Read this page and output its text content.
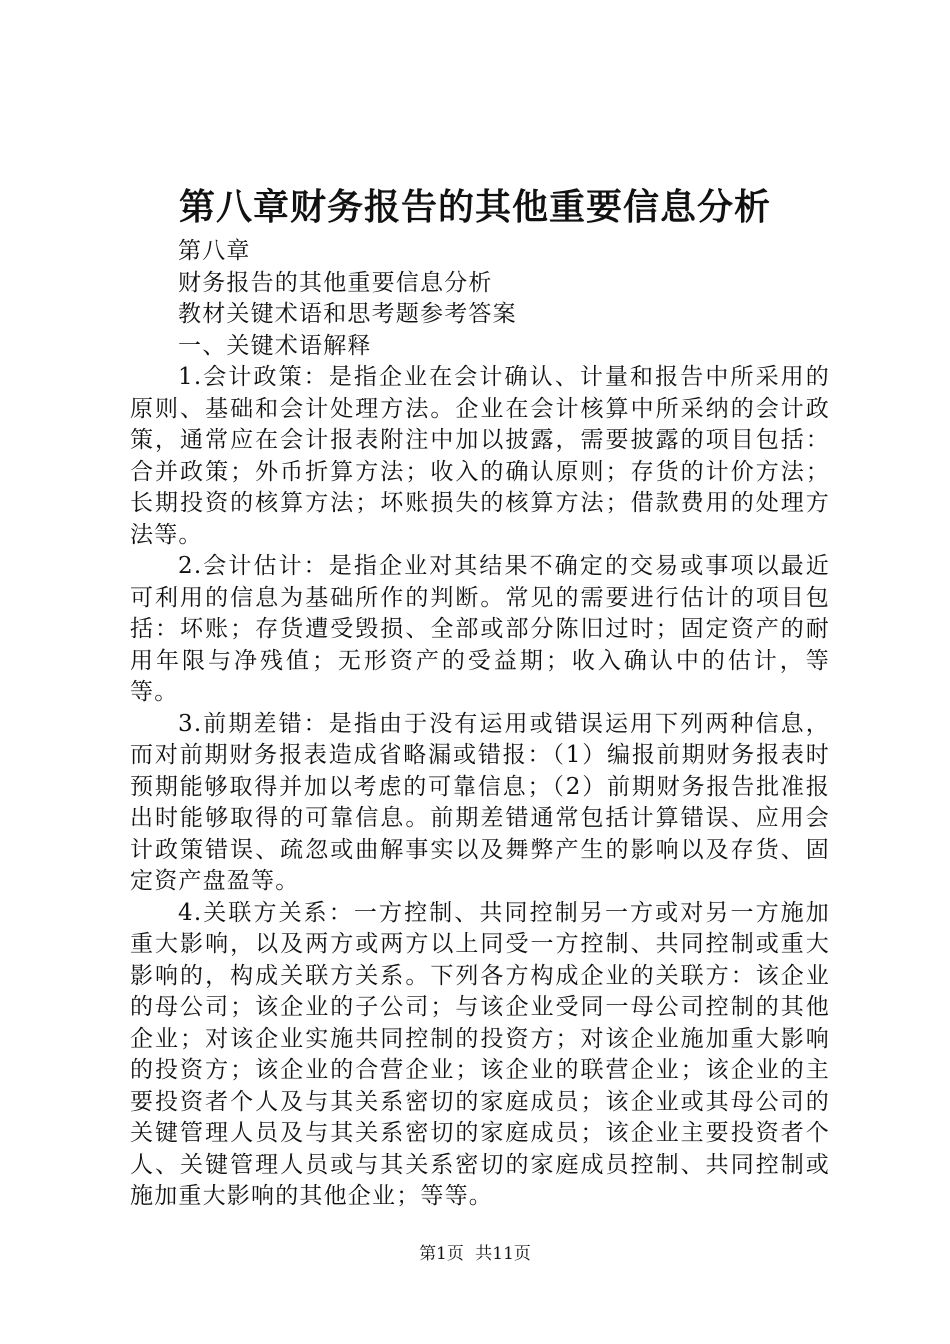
第八章财务报告的其他重要信息分析

第八章

财务报告的其他重要信息分析

教材关键术语和思考题参考答案

一、关键术语解释

1.会计政策：是指企业在会计确认、计量和报告中所采用的原则、基础和会计处理方法。企业在会计核算中所采纳的会计政策，通常应在会计报表附注中加以披露，需要披露的项目包括：合并政策；外币折算方法；收入的确认原则；存货的计价方法；长期投资的核算方法；坏账损失的核算方法；借款费用的处理方法等。

2.会计估计：是指企业对其结果不确定的交易或事项以最近可利用的信息为基础所作的判断。常见的需要进行估计的项目包括：坏账；存货遭受毁损、全部或部分陈旧过时；固定资产的耐用年限与净残值；无形资产的受益期；收入确认中的估计，等等。

3.前期差错：是指由于没有运用或错误运用下列两种信息，而对前期财务报表造成省略漏或错报：（1）编报前期财务报表时预期能够取得并加以考虑的可靠信息；（2）前期财务报告批准报出时能够取得的可靠信息。前期差错通常包括计算错误、应用会计政策错误、疏忽或曲解事实以及舞弊产生的影响以及存货、固定资产盘盈等。

4.关联方关系：一方控制、共同控制另一方或对另一方施加重大影响，以及两方或两方以上同受一方控制、共同控制或重大影响的，构成关联方关系。下列各方构成企业的关联方：该企业的母公司；该企业的子公司；与该企业受同一母公司控制的其他企业；对该企业实施共同控制的投资方；对该企业施加重大影响的投资方；该企业的合营企业；该企业的联营企业；该企业的主要投资者个人及与其关系密切的家庭成员；该企业或其母公司的关键管理人员及与其关系密切的家庭成员；该企业主要投资者个人、关键管理人员或与其关系密切的家庭成员控制、共同控制或施加重大影响的其他企业；等等。

第1页 共11页
